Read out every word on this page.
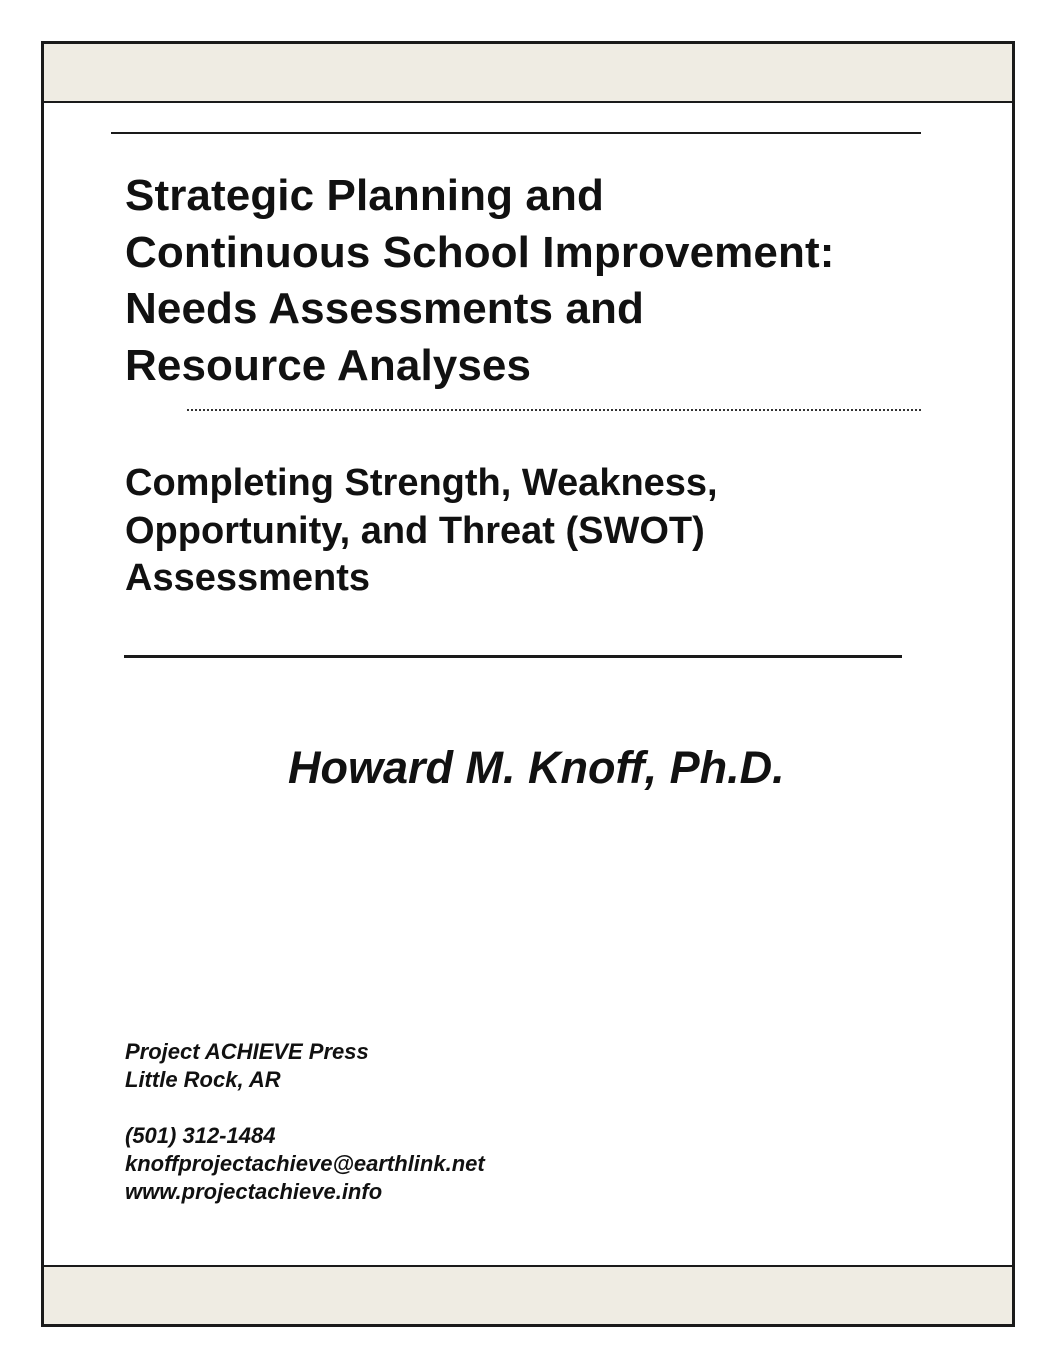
Strategic Planning and
Continuous School Improvement:
Needs Assessments and
Resource Analyses
Completing Strength, Weakness,
Opportunity, and Threat (SWOT)
Assessments
Howard M. Knoff, Ph.D.
Project ACHIEVE Press
Little Rock, AR
(501) 312-1484
knoffprojectachieve@earthlink.net
www.projectachieve.info
